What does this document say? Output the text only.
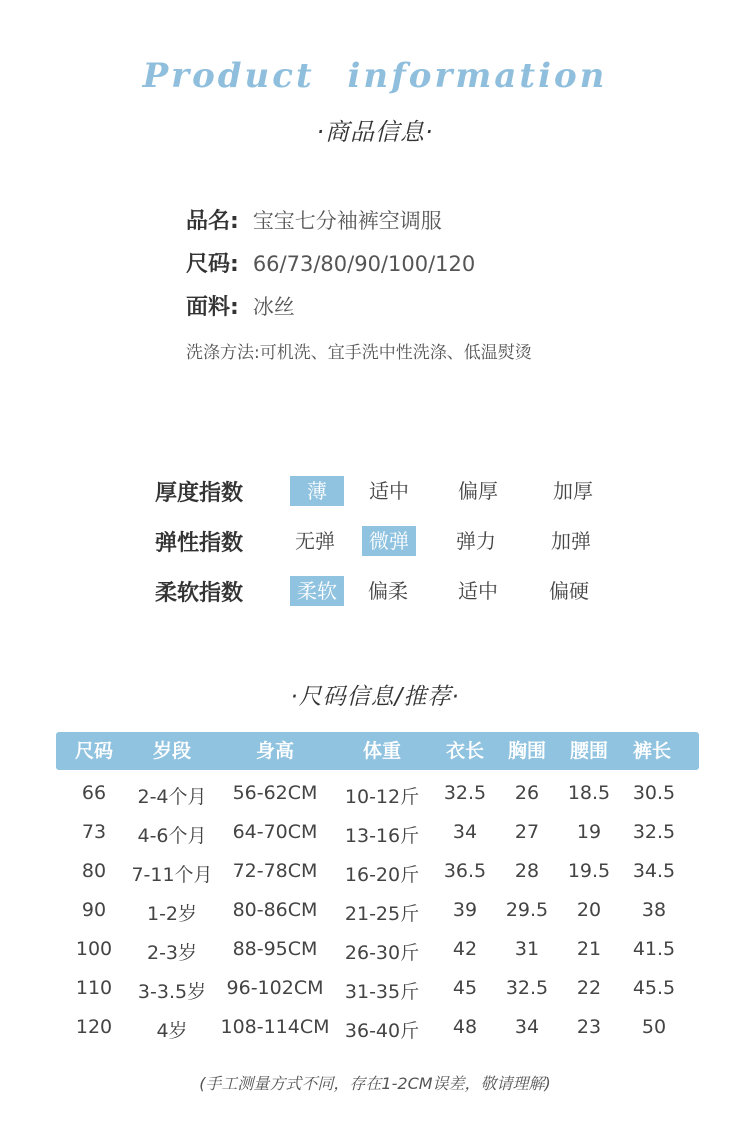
Product information
·商品信息·
品名: 宝宝七分袖裤空调服
尺码: 66/73/80/90/100/120
面料: 冰丝
洗涤方法:可机洗、宜手洗中性洗涤、低温熨烫
厚度指数	薄	适中	偏厚	加厚
弹性指数	无弹	微弹	弹力	加弹
柔软指数	柔软	偏柔	适中	偏硬
·尺码信息/推荐·
尺码 岁段	身高	体重 衣长 胸围 腰围 裤长
66 2-4个月 56-62CM 10-12斤 32.5 26 18.5 30.5
73 4-6个月 64-70CM 13-16斤 34 27 19 32.5
80 7-11个月 72-78CM 16-20斤 36.5 28 19.5 34.5
90 1-2岁 80-86CM 21-25斤 39 29.5 20 38
100 2-3岁 88-95CM 26-30斤 42 31 21 41.5
110 3-3.5岁 96-102CM 31-35斤 45 32.5 22 45.5
120 4岁 108-114CM 36-40斤 48 34 23 50
(手工测量方式不同，存在1-2CM误差，敬请理解)
